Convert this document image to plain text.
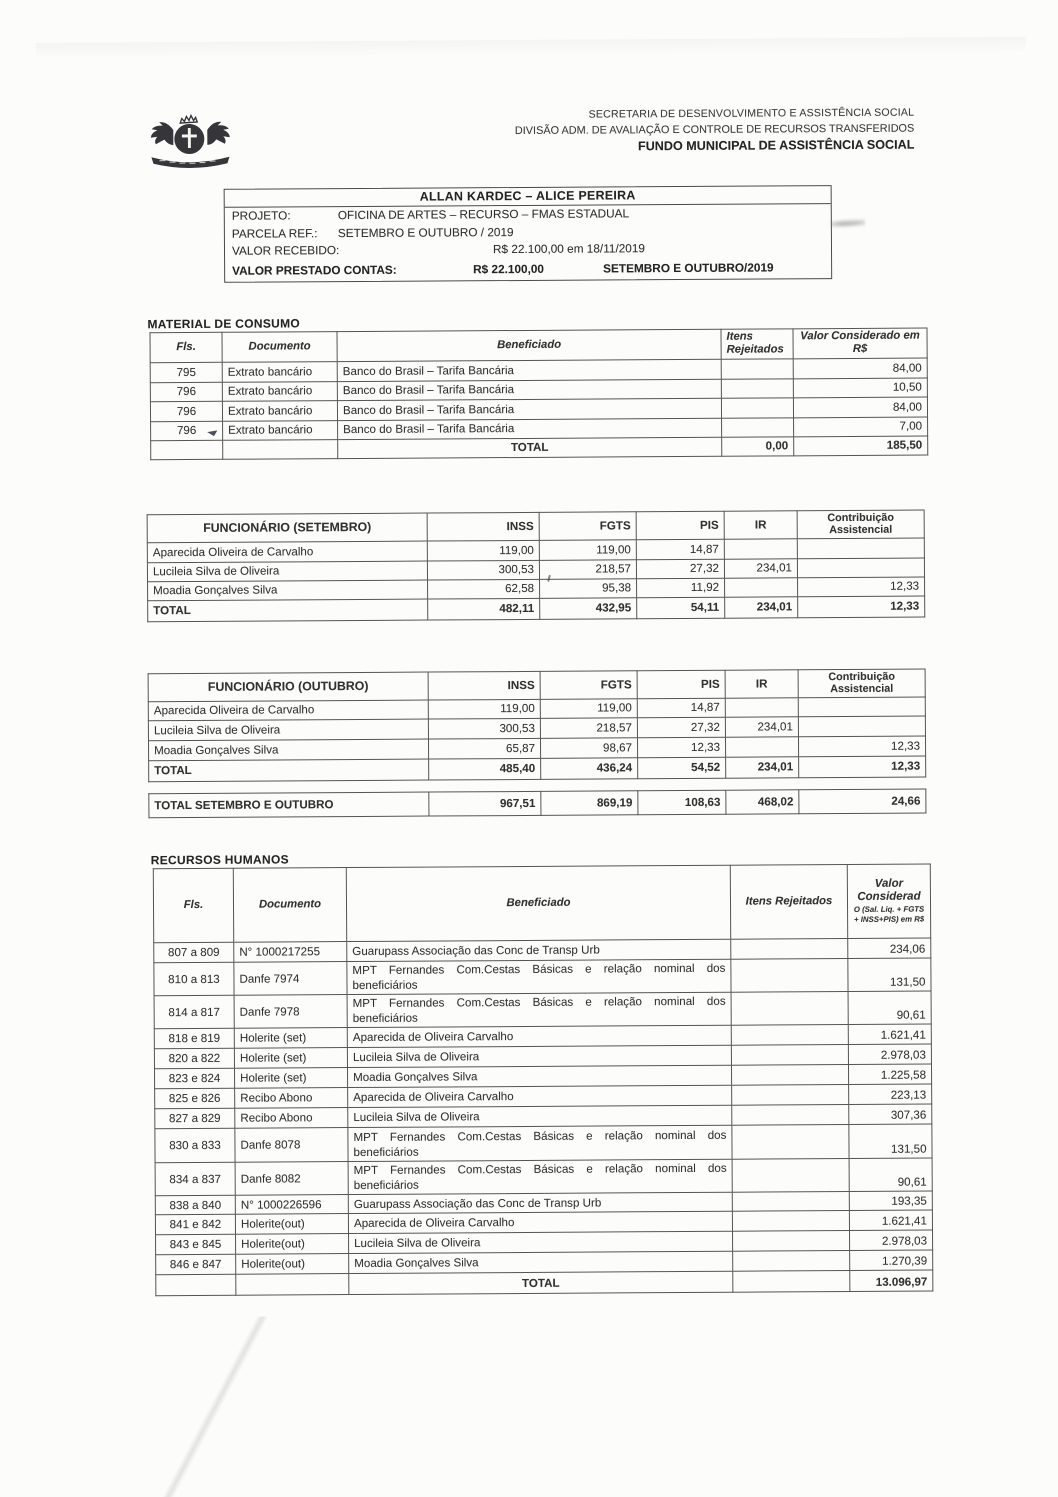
SECRETARIA DE DESENVOLVIMENTO E ASSISTÊNCIA SOCIAL
DIVISÃO ADM. DE AVALIAÇÃO E CONTROLE DE RECURSOS TRANSFERIDOS
FUNDO MUNICIPAL DE ASSISTÊNCIA SOCIAL
ALLAN KARDEC – ALICE PEREIRA
PROJETO:	OFICINA DE ARTES – RECURSO – FMAS ESTADUAL
PARCELA REF.: SETEMBRO E OUTUBRO / 2019
VALOR RECEBIDO:	R$ 22.100,00 em 18/11/2019
VALOR PRESTADO CONTAS:	R$ 22.100,00	SETEMBRO E OUTUBRO/2019
MATERIAL DE CONSUMO
Fls.	Documento	Beneficiado	Itens Rejeitados	Valor Considerado em R$
795	Extrato bancário	Banco do Brasil – Tarifa Bancária		84,00
796	Extrato bancário	Banco do Brasil – Tarifa Bancária		10,50
796	Extrato bancário	Banco do Brasil – Tarifa Bancária		84,00
796	Extrato bancário	Banco do Brasil – Tarifa Bancária		7,00
		TOTAL	0,00	185,50
FUNCIONÁRIO (SETEMBRO)	INSS	FGTS	PIS	IR	Contribuição Assistencial
Aparecida Oliveira de Carvalho	119,00	119,00	14,87		
Lucileia Silva de Oliveira	300,53	218,57	27,32	234,01	
Moadia Gonçalves Silva	62,58	95,38	11,92		12,33
TOTAL	482,11	432,95	54,11	234,01	12,33
FUNCIONÁRIO (OUTUBRO)	INSS	FGTS	PIS	IR	Contribuição Assistencial
Aparecida Oliveira de Carvalho	119,00	119,00	14,87		
Lucileia Silva de Oliveira	300,53	218,57	27,32	234,01	
Moadia Gonçalves Silva	65,87	98,67	12,33		12,33
TOTAL	485,40	436,24	54,52	234,01	12,33
TOTAL SETEMBRO E OUTUBRO	967,51	869,19	108,63	468,02	24,66
RECURSOS HUMANOS
Fls.	Documento	Beneficiado	Itens Rejeitados	Valor Considerad
O (Sal. Liq. + FGTS + INSS+PIS) em R$

807 a 809	N° 1000217255	Guarupass Associação das Conc de Transp Urb		234,06
810 a 813	Danfe 7974	MPT Fernandes Com.Cestas Básicas e relação nominal dos beneficiários		131,50
814 a 817	Danfe 7978	MPT Fernandes Com.Cestas Básicas e relação nominal dos beneficiários		90,61
818 e 819	Holerite (set)	Aparecida de Oliveira Carvalho		1.621,41
820 a 822	Holerite (set)	Lucileia Silva de Oliveira		2.978,03
823 e 824	Holerite (set)	Moadia Gonçalves Silva		1.225,58
825 e 826	Recibo Abono	Aparecida de Oliveira Carvalho		223,13
827 a 829	Recibo Abono	Lucileia Silva de Oliveira		307,36
830 a 833	Danfe 8078	MPT Fernandes Com.Cestas Básicas e relação nominal dos beneficiários		131,50
834 a 837	Danfe 8082	MPT Fernandes Com.Cestas Básicas e relação nominal dos beneficiários		90,61
838 a 840	N° 1000226596	Guarupass Associação das Conc de Transp Urb		193,35
841 e 842	Holerite(out)	Aparecida de Oliveira Carvalho		1.621,41
843 e 845	Holerite(out)	Lucileia Silva de Oliveira		2.978,03
846 e 847	Holerite(out)	Moadia Gonçalves Silva		1.270,39
		TOTAL		13.096,97
